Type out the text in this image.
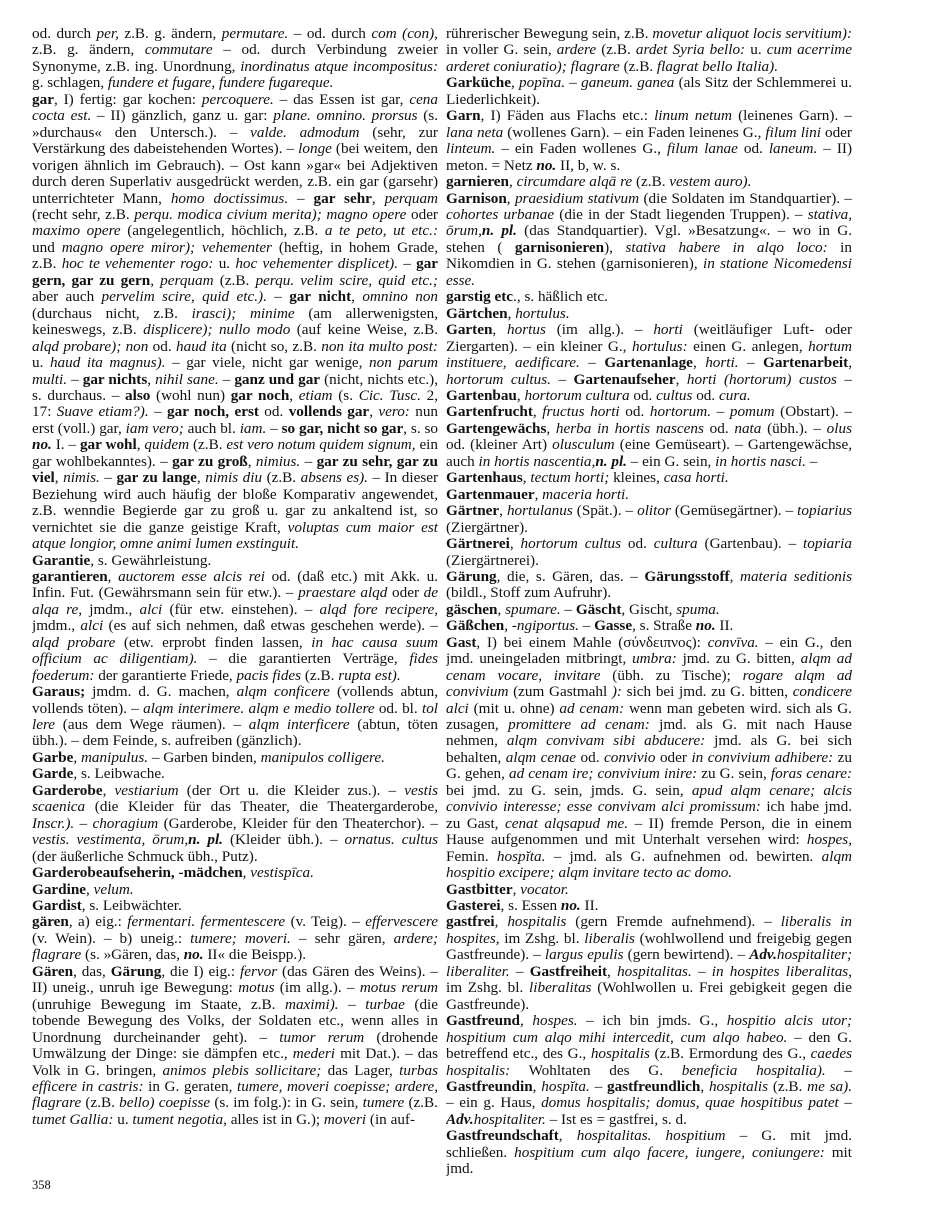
od. durch per, z.B. g. ändern, permutare. – od. durch com (con), z.B. g. ändern, commutare – od. durch Verbindung zweier Synonyme, z.B. ing. Unordnung, inordinatus atque incompositus: g. schlagen, fundere et fugare, fundere fugareque.

gar, I) fertig: gar kochen: percoquere. – das Essen ist gar, cena cocta est. – II) gänzlich, ganz u. gar: plane. omnino. prorsus (s. »durchaus« den Untersch.). – valde. admodum (sehr, zur Verstärkung des dabeistehenden Wortes). – longe (bei weitem, den vorigen ähnlich im Gebrauch). – Ost kann »gar« bei Adjektiven durch deren Superlativ ausgedrückt werden, z.B. ein gar (garsehr) unterrichteter Mann, homo doctissimus. – gar sehr, perquam (recht sehr, z.B. perqu. modica civium merita); magno opere oder maximo opere (angelegentlich, höchlich, z.B. a te peto, ut etc.: und magno opere miror); vehementer (heftig, in hohem Grade, z.B. hoc te vehementer rogo: u. hoc vehementer displicet). – gar gern, gar zu gern, perquam (z.B. perqu. velim scire, quid etc.; aber auch pervelim scire, quid etc.). – gar nicht, omnino non (durchaus nicht, z.B. irasci); minime (am allerwenigsten, keineswegs, z.B. displicere); nullo modo (auf keine Weise, z.B. alqd probare); non od. haud ita (nicht so, z.B. non ita multo post: u. haud ita magnus). – gar viele, nicht gar wenige, non parum multi. – gar nichts, nihil sane. – ganz und gar (nicht, nichts etc.), s. durchaus. – also (wohl nun) gar noch, etiam (s. Cic. Tusc. 2, 17: Suave etiam?). – gar noch, erst od. vollends gar, vero: nun erst (voll.) gar, iam vero; auch bl. iam. – so gar, nicht so gar, s. so no. I. – gar wohl, quidem (z.B. est vero notum quidem signum, ein gar wohlbekanntes). – gar zu groß, nimius. – gar zu sehr, gar zu viel, nimis. – gar zu lange, nimis diu (z.B. absens es). – In dieser Beziehung wird auch häufig der bloße Komparativ angewendet, z.B. wenndie Begierde gar zu groß u. gar zu ankaltend ist, so vernichtet sie die ganze geistige Kraft, voluptas cum maior est atque longior, omne animi lumen exstinguit.

Garantie, s. Gewährleistung.

garantieren, auctorem esse alcis rei od. (daß etc.) mit Akk. u. Infin. Fut. (Gewährsmann sein für etw.). – praestare alqd oder de alqa re, jmdm., alci (für etw. einstehen). – alqd fore recipere, jmdm., alci (es auf sich nehmen, daß etwas geschehen werde). – alqd probare (etw. erprobt finden lassen, in hac causa suum officium ac diligentiam). – die garantierten Verträge, fides foederum: der garantierte Friede, pacis fides (z.B. rupta est).

Garaus; jmdm. d. G. machen, alqm conficere (vollends abtun, vollends töten). – alqm interimere. alqm e medio tollere od. bl. tol lere (aus dem Wege räumen). – alqm interficere (abtun, töten übh.). – dem Feinde, s. aufreiben (gänzlich).

Garbe, manipulus. – Garben binden, manipulos colligere.

Garde, s. Leibwache.

Garderobe, vestiarium (der Ort u. die Kleider zus.). – vestis scaenica (die Kleider für das Theater, die Theatergarderobe, Inscr.). – choragium (Garderobe, Kleider für den Theaterchor). – vestis. vestimenta, ōrum,n. pl. (Kleider übh.). – ornatus. cultus (der äußerliche Schmuck übh., Putz).

Garderobeaufseherin, -mädchen, vestispīca.

Gardine, velum.

Gardist, s. Leibwächter.

gären, a) eig.: fermentari. fermentescere (v. Teig). – effervescere (v. Wein). – b) uneig.: tumere; moveri. – sehr gären, ardere; flagrare (s. »Gären, das, no. II« die Beispp.).

Gären, das, Gärung, die I) eig.: fervor (das Gären des Weins). – II) uneig., unruh ige Bewegung: motus (im allg.). – motus rerum (unruhige Bewegung im Staate, z.B. maximi). – turbae (die tobende Bewegung des Volks, der Soldaten etc., wenn alles in Unordnung durcheinander geht). – tumor rerum (drohende Umwälzung der Dinge: sie dämpfen etc., mederi mit Dat.). – das Volk in G. bringen, animos plebis sollicitare; das Lager, turbas efficere in castris: in G. geraten, tumere, moveri coepisse; ardere, flagrare (z.B. bello) coepisse (s. im folg.): in G. sein, tumere (z.B. tumet Gallia: u. tument negotia, alles ist in G.); moveri (in auf-

rührerischer Bewegung sein, z.B. movetur aliquot locis servitium): in voller G. sein, ardere (z.B. ardet Syria bello: u. cum acerrime arderet coniuratio); flagrare (z.B. flagrat bello Italia).

Garküche, popīna. – ganeum. ganea (als Sitz der Schlemmerei u. Liederlichkeit).

Garn, I) Fäden aus Flachs etc.: linum netum (leinenes Garn). – lana neta (wollenes Garn). – ein Faden leinenes G., filum lini oder linteum. – ein Faden wollenes G., filum lanae od. laneum. – II) meton. = Netz no. II, b, w. s.

garnieren, circumdare alqā re (z.B. vestem auro).

Garnison, praesidium stativum (die Soldaten im Standquartier). – cohortes urbanae (die in der Stadt liegenden Truppen). – stativa, ōrum,n. pl. (das Standquartier). Vgl. »Besatzung«. – wo in G. stehen ( garnisonieren), stativa habere in alqo loco: in Nikomdien in G. stehen (garnisonieren), in statione Nicomedensi esse.

garstig etc., s. häßlich etc.

Gärtchen, hortulus.

Garten, hortus (im allg.). – horti (weitläufiger Luft- oder Ziergarten). – ein kleiner G., hortulus: einen G. anlegen, hortum instituere, aedificare. – Gartenanlage, horti. – Gartenarbeit, hortorum cultus. – Gartenaufseher, horti (hortorum) custos – Gartenbau, hortorum cultura od. cultus od. cura.

Gartenfrucht, fructus horti od. hortorum. – pomum (Obstart). – Gartengewächs, herba in hortis nascens od. nata (übh.). – olus od. (kleiner Art) olusculum (eine Gemüseart). – Gartengewächse, auch in hortis nascentia,n. pl. – ein G. sein, in hortis nasci. –

Gartenhaus, tectum horti; kleines, casa horti.

Gartenmauer, maceria horti.

Gärtner, hortulanus (Spät.). – olitor (Gemüsegärtner). – topiarius (Ziergärtner).

Gärtnerei, hortorum cultus od. cultura (Gartenbau). – topiaria (Ziergärtnerei).

Gärung, die, s. Gären, das. – Gärungsstoff, materia seditionis (bildl., Stoff zum Aufruhr).

gäschen, spumare. – Gäscht, Gischt, spuma.

Gäßchen, -ngiportus. – Gasse, s. Straße no. II.

Gast, I) bei einem Mahle (σύνδειπνος): convīva. – ein G., den jmd. uneingeladen mitbringt, umbra: jmd. zu G. bitten, alqm ad cenam vocare, invitare (übh. zu Tische); rogare alqm ad convivium (zum Gastmahl ): sich bei jmd. zu G. bitten, condicere alci (mit u. ohne) ad cenam: wenn man gebeten wird. sich als G. zusagen, promittere ad cenam: jmd. als G. mit nach Hause nehmen, alqm convivam sibi abducere: jmd. als G. bei sich behalten, alqm cenae od. convivio oder in convivium adhibere: zu G. gehen, ad cenam ire; convivium inire: zu G. sein, foras cenare: bei jmd. zu G. sein, jmds. G. sein, apud alqm cenare; alcis convivio interesse; esse convivam alci promissum: ich habe jmd. zu Gast, cenat alqsapud me. – II) fremde Person, die in einem Hause aufgenommen und mit Unterhalt versehen wird: hospes, Femin. hospĭta. – jmd. als G. aufnehmen od. bewirten. alqm hospitio excipere; alqm invitare tecto ac domo.

Gastbitter, vocator.

Gasterei, s. Essen no. II.

gastfrei, hospitalis (gern Fremde aufnehmend). – liberalis in hospites, im Zshg. bl. liberalis (wohlwollend und freigebig gegen Gastfreunde). – largus epulis (gern bewirtend). – Adv.hospitaliter; liberaliter. – Gastfreiheit, hospitalitas. – in hospites liberalitas, im Zshg. bl. liberalitas (Wohlwollen u. Frei gebigkeit gegen die Gastfreunde).

Gastfreund, hospes. – ich bin jmds. G., hospitio alcis utor; hospitium cum alqo mihi intercedit, cum alqo habeo. – den G. betreffend etc., des G., hospitalis (z.B. Ermordung des G., caedes hospitalis: Wohltaten des G. beneficia hospitalia). – Gastfreundin, hospĭta. – gastfreundlich, hospitalis (z.B. me sa). – ein g. Haus, domus hospitalis; domus, quae hospitibus patet – Adv.hospitaliter. – Ist es = gastfrei, s. d.

Gastfreundschaft, hospitalitas. hospitium – G. mit jmd. schließen. hospitium cum alqo facere, iungere, coniungere: mit jmd.

358
